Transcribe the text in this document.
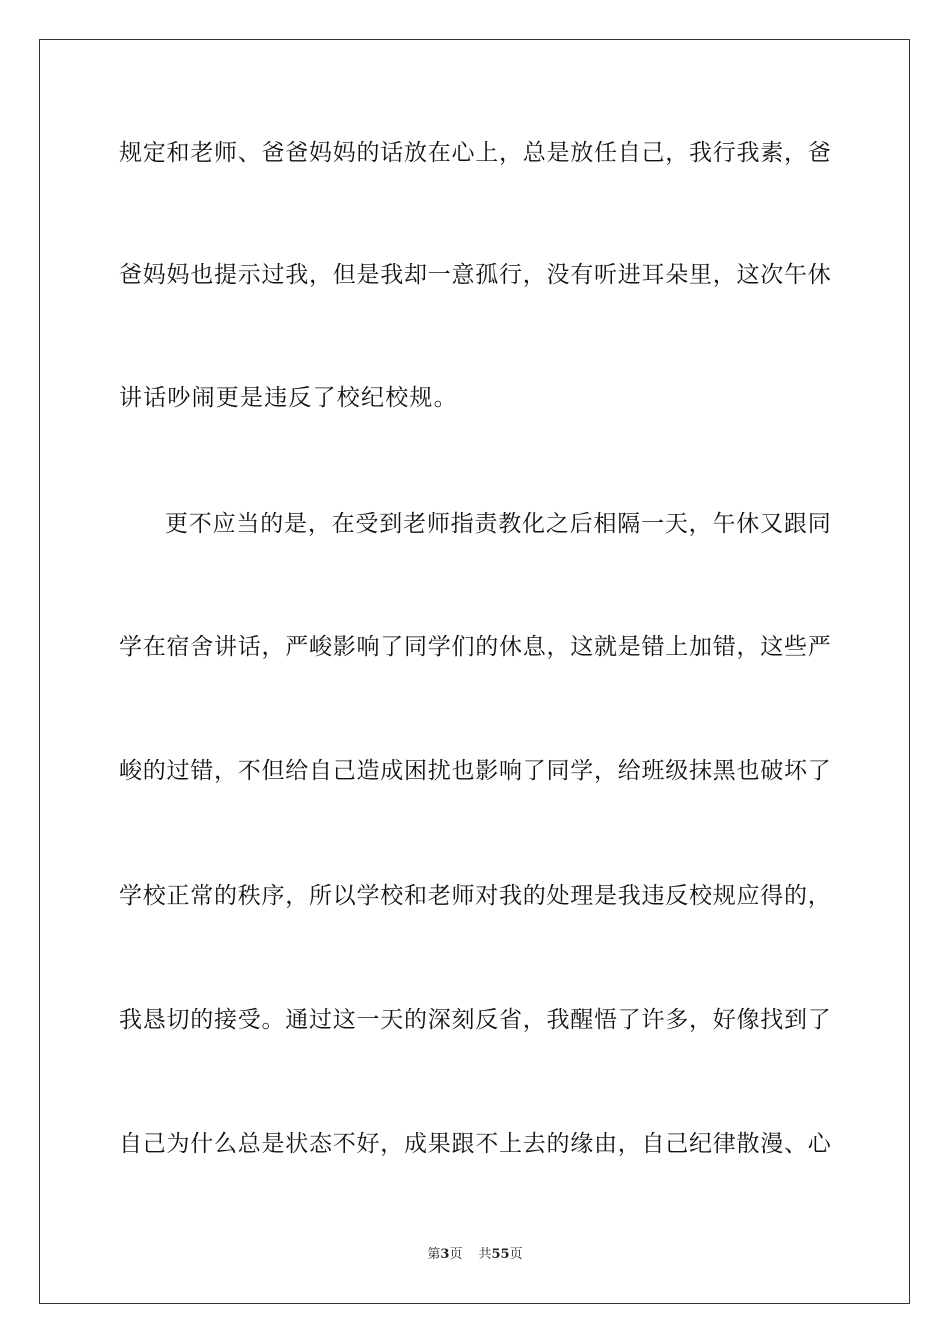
规定和老师、爸爸妈妈的话放在心上，总是放任自己，我行我素，爸
爸妈妈也提示过我，但是我却一意孤行，没有听进耳朵里，这次午休
讲话吵闹更是违反了校纪校规。
更不应当的是，在受到老师指责教化之后相隔一天，午休又跟同
学在宿舍讲话，严峻影响了同学们的休息，这就是错上加错，这些严
峻的过错，不但给自己造成困扰也影响了同学，给班级抹黑也破坏了
学校正常的秩序，所以学校和老师对我的处理是我违反校规应得的，
我恳切的接受。通过这一天的深刻反省，我醒悟了许多，好像找到了
自己为什么总是状态不好，成果跟不上去的缘由，自己纪律散漫、心
第3页 共55页
